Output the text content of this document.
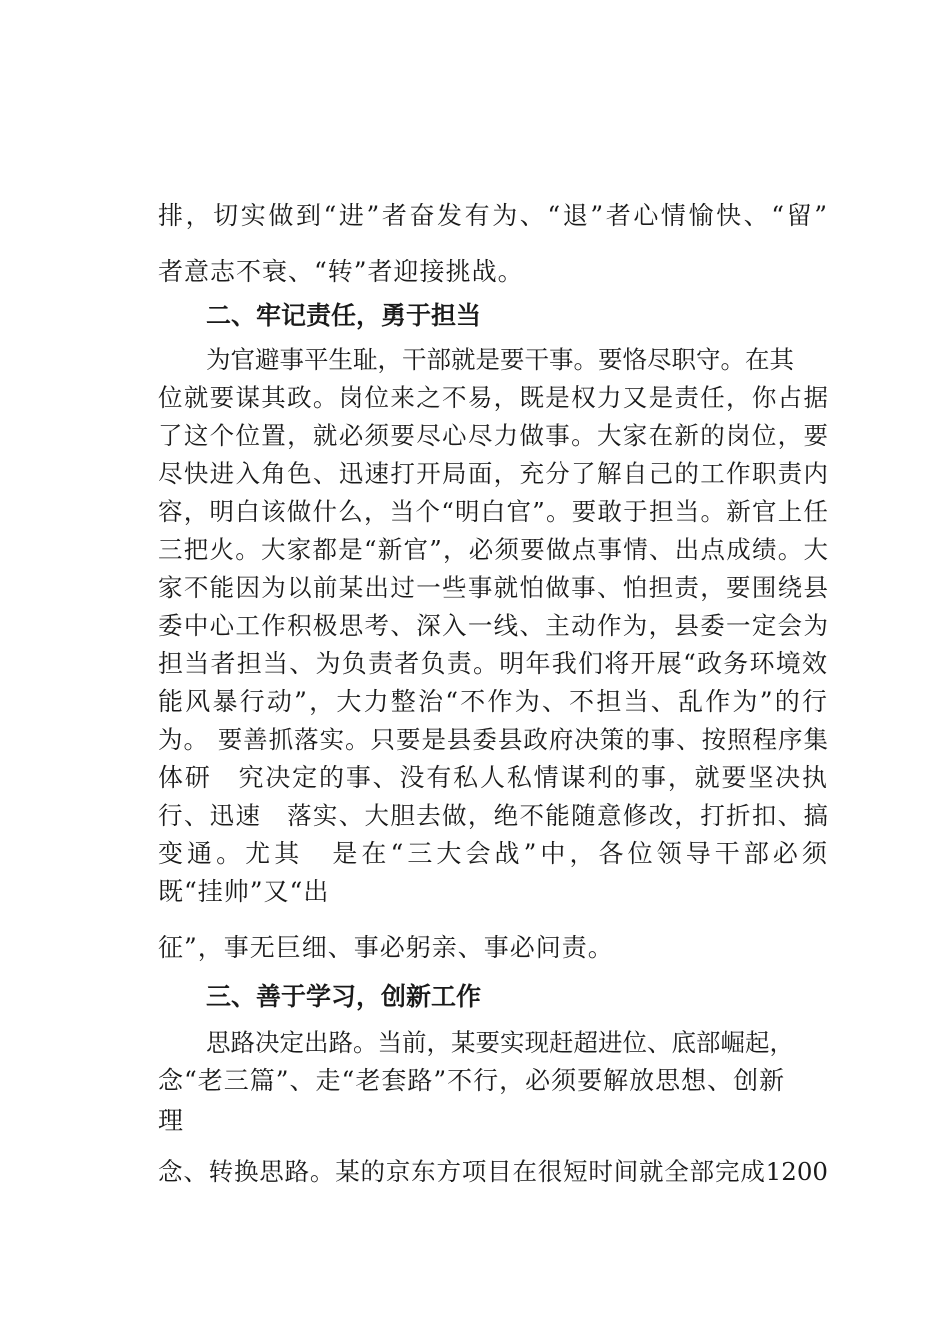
排，切实做到“进”者奋发有为、“退”者心情愉快、“留”
者意志不衰、“转”者迎接挑战。
二、牢记责任，勇于担当
为官避事平生耻，干部就是要干事。要恪尽职守。在其
位就要谋其政。岗位来之不易，既是权力又是责任，你占据
了这个位置，就必须要尽心尽力做事。大家在新的岗位，要
尽快进入角色、迅速打开局面，充分了解自己的工作职责内
容，明白该做什么，当个“明白官”。要敢于担当。新官上任
三把火。大家都是“新官”，必须要做点事情、出点成绩。大
家不能因为以前某出过一些事就怕做事、怕担责，要围绕县
委中心工作积极思考、深入一线、主动作为，县委一定会为
担当者担当、为负责者负责。明年我们将开展“政务环境效
能风暴行动”，大力整治“不作为、不担当、乱作为”的行
为。 要善抓落实。只要是县委县政府决策的事、按照程序集
体研　究决定的事、没有私人私情谋利的事，就要坚决执
行、迅速　落实、大胆去做，绝不能随意修改，打折扣、搞
变通。尤其　是在“三大会战”中，各位领导干部必须
既“挂帅”又“出
征”，事无巨细、事必躬亲、事必问责。
三、善于学习，创新工作
思路决定出路。当前，某要实现赶超进位、底部崛起，
念“老三篇”、走“老套路”不行，必须要解放思想、创新
理
念、转换思路。某的京东方项目在很短时间就全部完成1200
